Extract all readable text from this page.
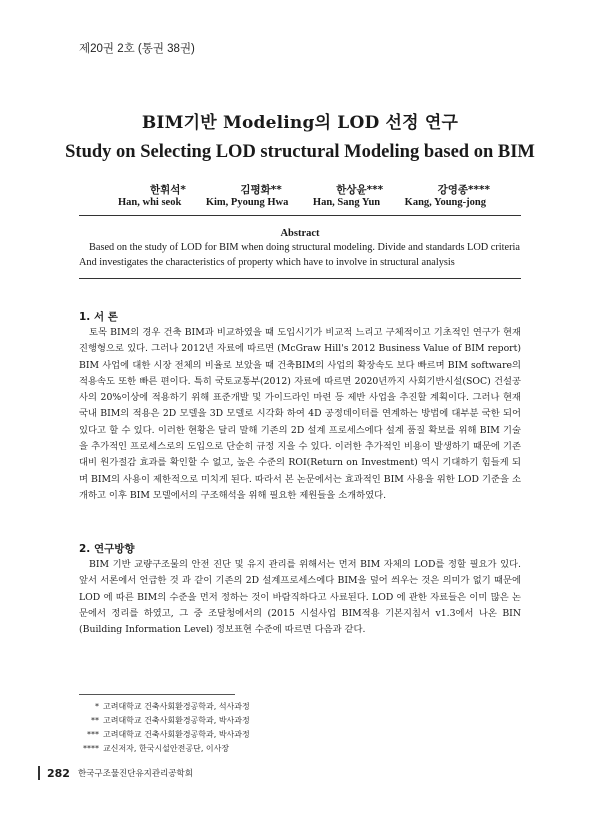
제20권 2호 (통권 38권)
BIM기반 Modeling의 LOD 선정 연구
Study on Selecting LOD structural Modeling based on BIM
한휘석*	김평화**	한상윤***	강영종****
Han, whi seok Kim, Pyoung Hwa Han, Sang Yun Kang, Young-jong
Abstract
Based on the study of LOD for BIM when doing structural modeling. Divide and standards LOD criteria
And investigates the characteristics of property which have to involve in structural analysis
1. 서 론
토목 BIM의 경우 건축 BIM과 비교하였을 때 도입시기가 비교적 느리고 구체적이고 기초적인 연구가 현재 진행형으로 있다. 그러나 2012년 자료에 따르면 (McGraw Hill's 2012 Business Value of BIM report) BIM 사업에 대한 시장 전체의 비율로 보았을 때 건축BIM의 사업의 확장속도 보다 빠르며 BIM software의 적용속도 또한 빠른 편이다. 특히 국토교통부(2012) 자료에 따르면 2020년까지 사회기반시설(SOC) 건설공사의 20%이상에 적용하기 위해 표준개발 및 가이드라인 마련 등 제반 사업을 추진할 계획이다. 그러나 현재 국내 BIM의 적용은 2D 모델을 3D 모델로 시각화 하여 4D 공정데이터를 연계하는 방법에 대부분 국한 되어 있다고 할 수 있다. 이러한 현황은 달리 말해 기존의 2D 설계 프로세스에다 설계 품질 확보를 위해 BIM 기술을 추가적인 프로세스로의 도입으로 단순히 규정 지을 수 있다. 이러한 추가적인 비용이 발생하기 때문에 기존 대비 원가절감 효과를 확인할 수 없고, 높은 수준의 ROI(Return on Investment) 역시 기대하기 힘들게 되며 BIM의 사용이 제한적으로 미치게 된다. 따라서 본 논문에서는 효과적인 BIM 사용을 위한 LOD 기준을 소개하고 이후 BIM 모델에서의 구조해석을 위해 필요한 제원들을 소개하였다.
2. 연구방향
BIM 기반 교량구조물의 안전 진단 및 유지 관리를 위해서는 먼저 BIM 자체의 LOD를 정할 필요가 있다. 앞서 서론에서 언급한 것 과 같이 기존의 2D 설계프로세스에다 BIM을 덮어 씌우는 것은 의미가 없기 때문에 LOD 에 따른 BIM의 수준을 먼저 정하는 것이 바람직하다고 사료된다. LOD 에 관한 자료들은 이미 많은 논문에서 정리를 하였고, 그 중 조달청에서의 (2015 시설사업 BIM적용 기본지침서 v1.3에서 나온 BIN (Building Information Level) 정보표현 수준에 따르면 다음과 같다.
* 고려대학교 건축사회환경공학과, 석사과정
** 고려대학교 건축사회환경공학과, 박사과정
*** 고려대학교 건축사회환경공학과, 박사과정
**** 교신저자, 한국시설안전공단, 이사장
282 한국구조물진단유지관리공학회
